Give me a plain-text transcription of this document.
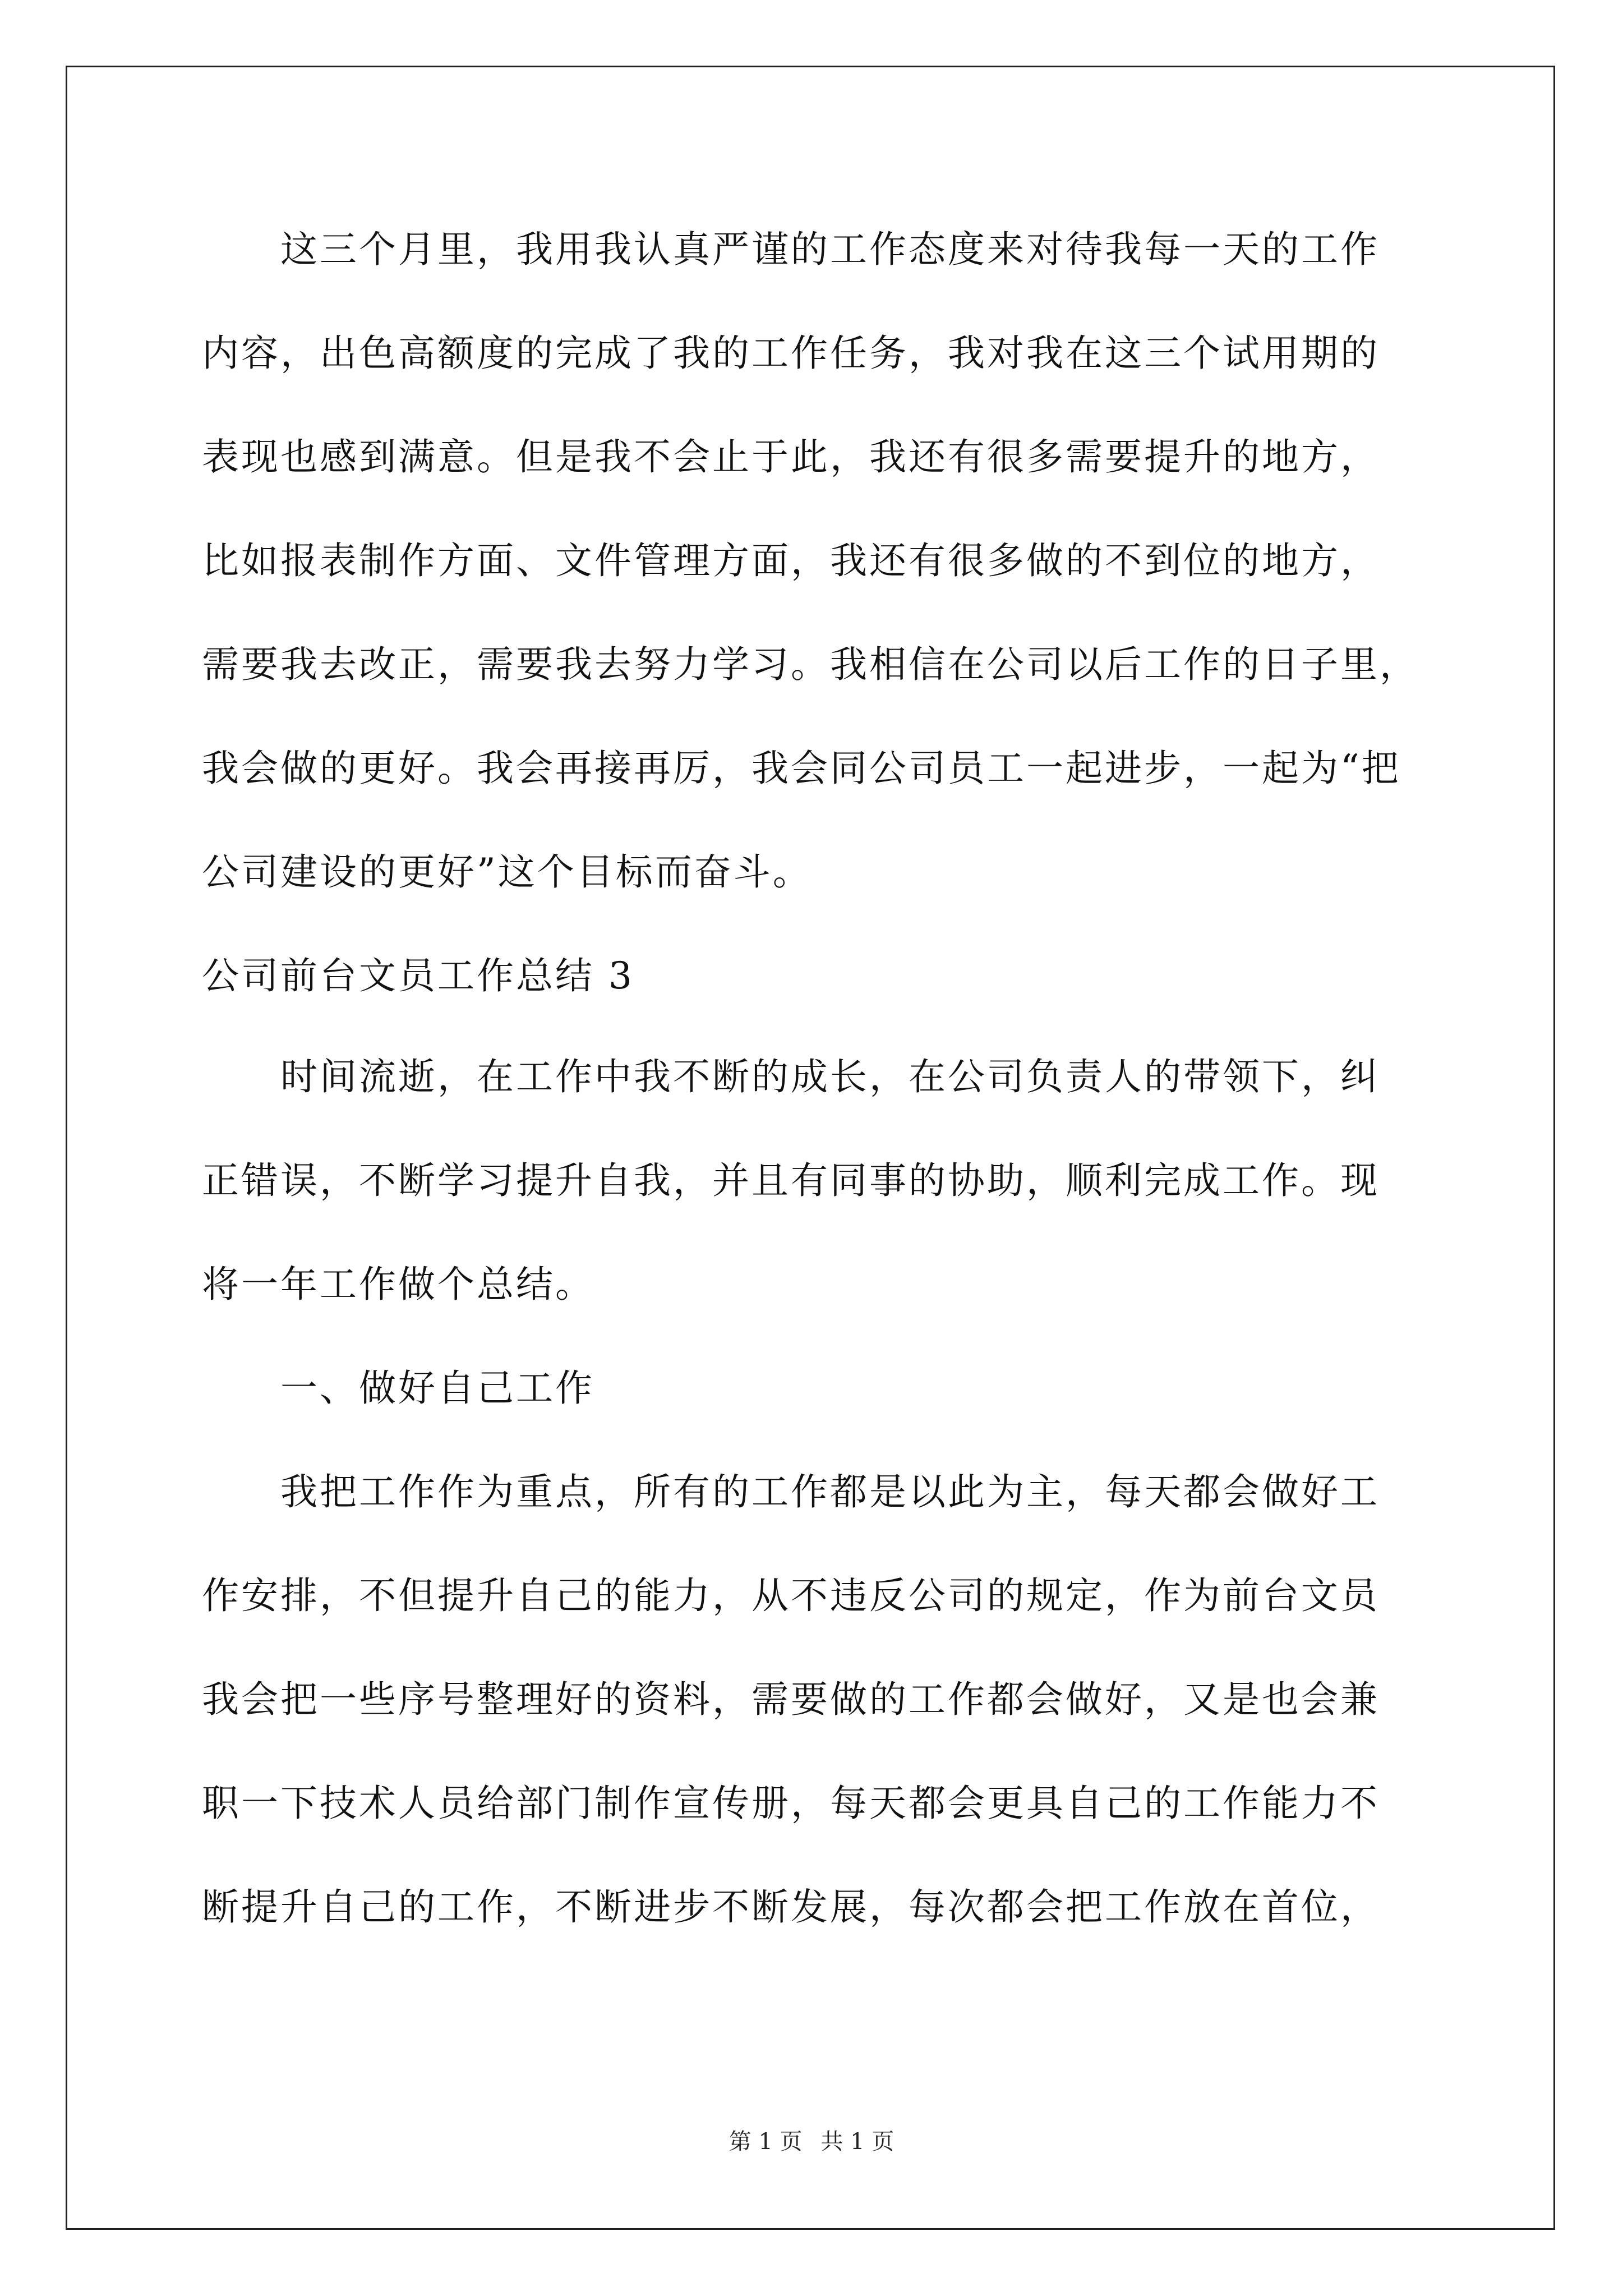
　　这三个月里，我用我认真严谨的工作态度来对待我每一天的工作
内容，出色高额度的完成了我的工作任务，我对我在这三个试用期的
表现也感到满意。但是我不会止于此，我还有很多需要提升的地方，
比如报表制作方面、文件管理方面，我还有很多做的不到位的地方，
需要我去改正，需要我去努力学习。我相信在公司以后工作的日子里，
我会做的更好。我会再接再厉，我会同公司员工一起进步，一起为“把
公司建设的更好”这个目标而奋斗。
公司前台文员工作总结 3
　　时间流逝，在工作中我不断的成长，在公司负责人的带领下，纠
正错误，不断学习提升自我，并且有同事的协助，顺利完成工作。现
将一年工作做个总结。
　　一、做好自己工作
　　我把工作作为重点，所有的工作都是以此为主，每天都会做好工
作安排，不但提升自己的能力，从不违反公司的规定，作为前台文员
我会把一些序号整理好的资料，需要做的工作都会做好，又是也会兼
职一下技术人员给部门制作宣传册，每天都会更具自己的工作能力不
断提升自己的工作，不断进步不断发展，每次都会把工作放在首位，
第 1 页 共 1 页
